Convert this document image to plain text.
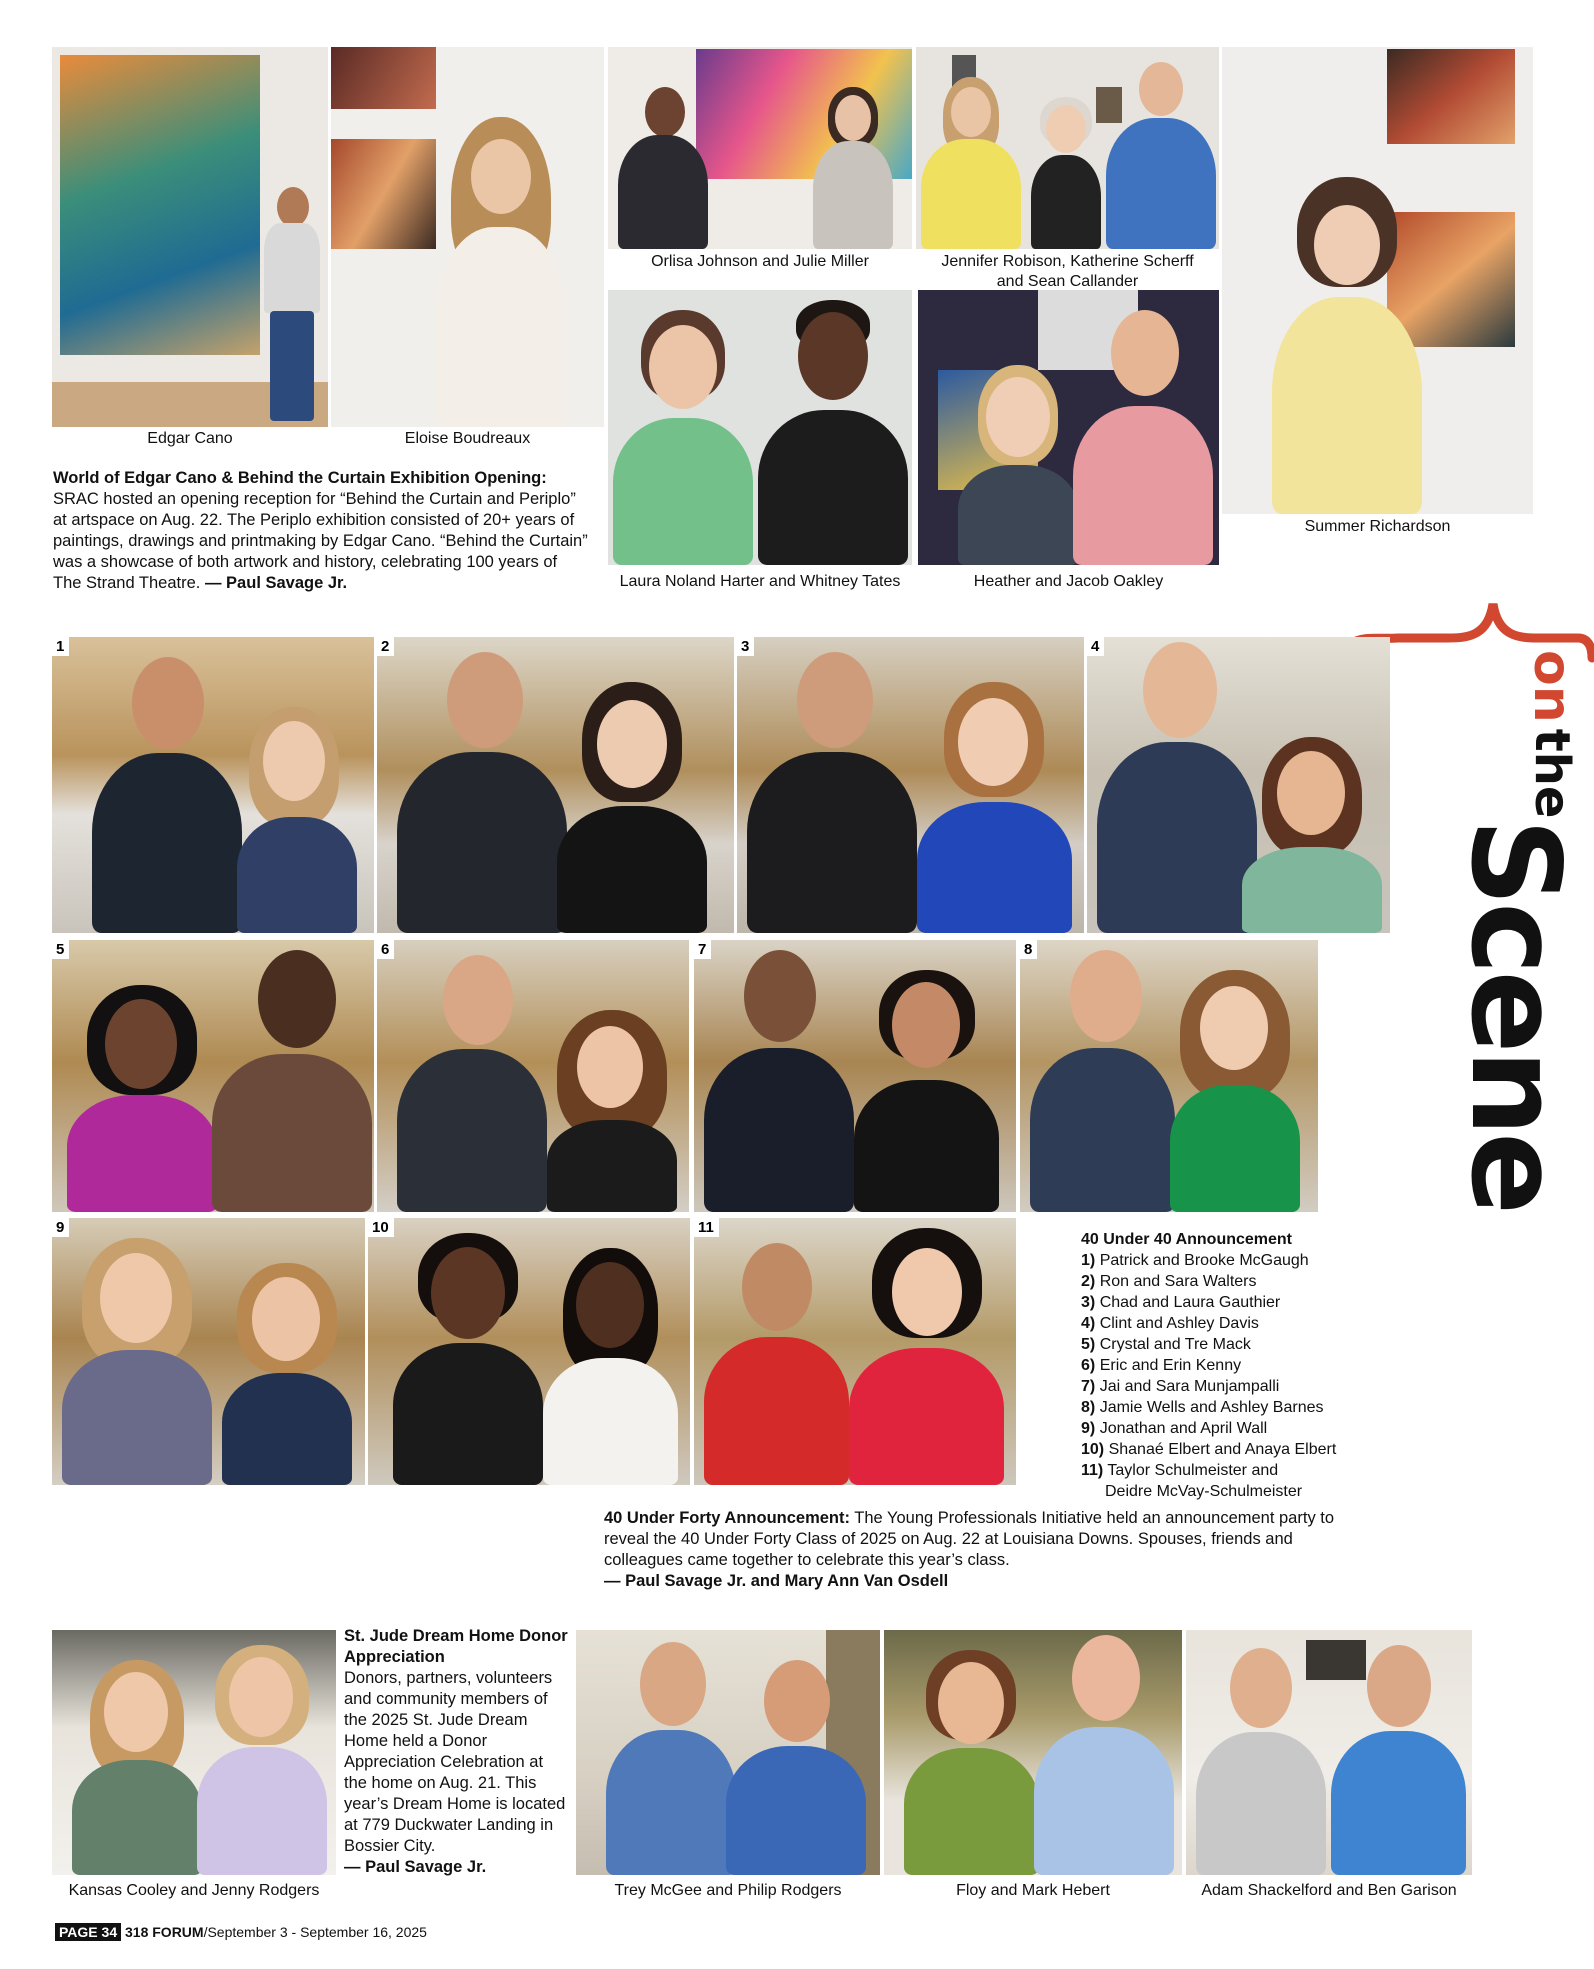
Edgar Cano	Eloise Boudreaux
Orlisa Johnson and Julie Miller	Jennifer Robison, Katherine Scherff
and Sean Callander
Summer Richardson
Laura Noland Harter and Whitney Tates	Heather and Jacob Oakley
World of Edgar Cano & Behind the Curtain Exhibition Opening: SRAC hosted an opening reception for “Behind the Curtain and Periplo” at artspace on Aug. 22. The Periplo exhibition consisted of 20+ years of paintings, drawings and printmaking by Edgar Cano. “Behind the Curtain” was a showcase of both artwork and history, celebrating 100 years of The Strand Theatre. — Paul Savage Jr.
ontheScene
1	2	3	4
5	6	7	8
9	10	11
40 Under 40 Announcement
1) Patrick and Brooke McGaugh
2) Ron and Sara Walters
3) Chad and Laura Gauthier
4) Clint and Ashley Davis
5) Crystal and Tre Mack
6) Eric and Erin Kenny
7) Jai and Sara Munjampalli
8) Jamie Wells and Ashley Barnes
9) Jonathan and April Wall
10) Shanaé Elbert and Anaya Elbert
11) Taylor Schulmeister and
Deidre McVay-Schulmeister
40 Under Forty Announcement: The Young Professionals Initiative held an announcement party to reveal the 40 Under Forty Class of 2025 on Aug. 22 at Louisiana Downs. Spouses, friends and colleagues came together to celebrate this year’s class.
— Paul Savage Jr. and Mary Ann Van Osdell
St. Jude Dream Home Donor Appreciation
Donors, partners, volunteers and community members of the 2025 St. Jude Dream Home held a Donor Appreciation Celebration at the home on Aug. 21. This year’s Dream Home is located at 779 Duckwater Landing in Bossier City.
— Paul Savage Jr.
Kansas Cooley and Jenny Rodgers	Trey McGee and Philip Rodgers	Floy and Mark Hebert	Adam Shackelford and Ben Garison
PAGE 34 318 FORUM/September 3 - September 16, 2025
